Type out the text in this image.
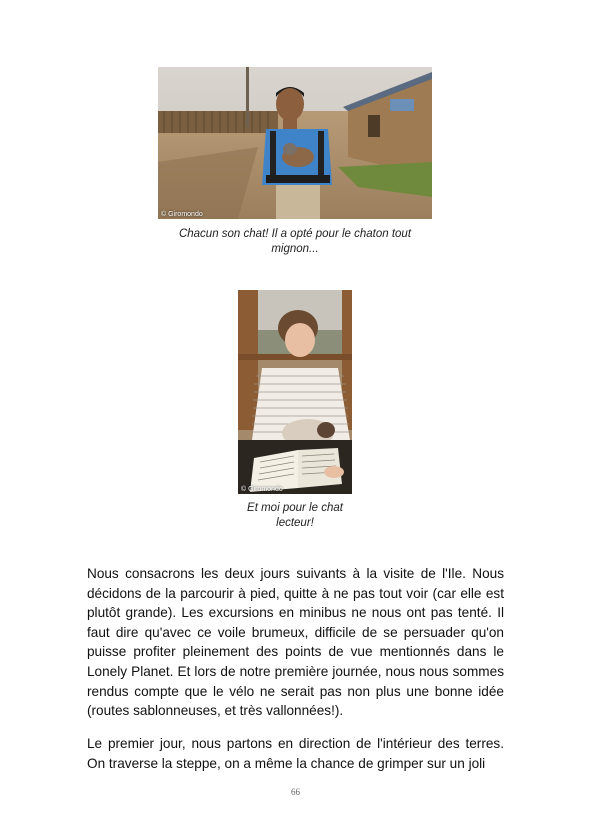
© Giromondo
Chacun son chat! Il a opté pour le chaton tout
mignon...
© Giromondo
Et moi pour le chat
lecteur!

Nous consacrons les deux jours suivants à la visite de l'Ile. Nous décidons de la parcourir à pied, quitte à ne pas tout voir (car elle est plutôt grande). Les excursions en minibus ne nous ont pas tenté. Il faut dire qu'avec ce voile brumeux, difficile de se persuader qu'on puisse profiter pleinement des points de vue mentionnés dans le Lonely Planet. Et lors de notre première journée, nous nous sommes rendus compte que le vélo ne serait pas non plus une bonne idée (routes sablonneuses, et très vallonnées!).

Le premier jour, nous partons en direction de l'intérieur des terres. On traverse la steppe, on a même la chance de grimper sur un joli

66
